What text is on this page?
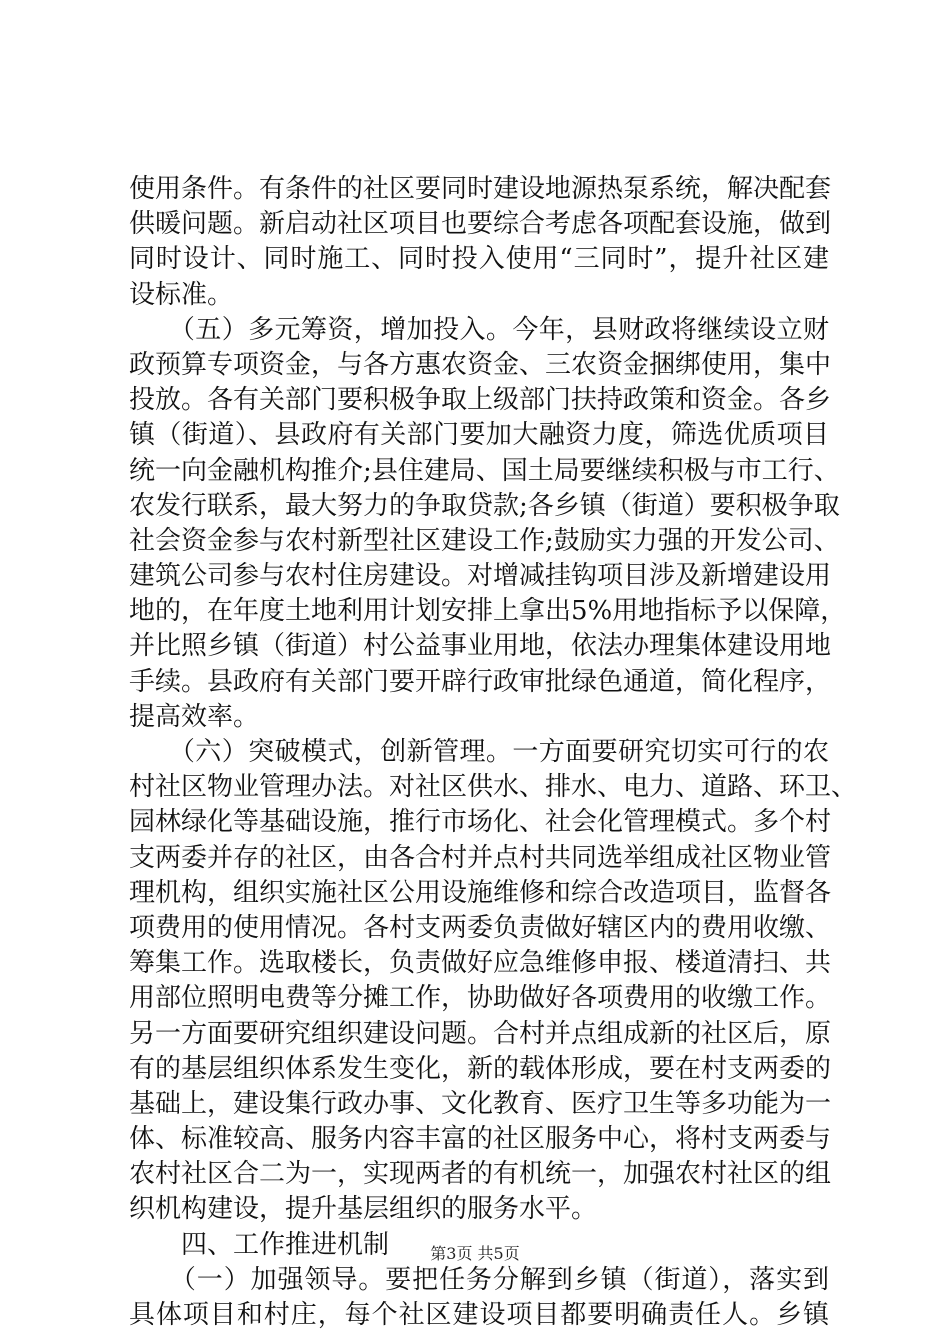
使用条件。有条件的社区要同时建设地源热泵系统，解决配套
供暖问题。新启动社区项目也要综合考虑各项配套设施，做到
同时设计、同时施工、同时投入使用“三同时”，提升社区建
设标准。
　　（五）多元筹资，增加投入。今年，县财政将继续设立财
政预算专项资金，与各方惠农资金、三农资金捆绑使用，集中
投放。各有关部门要积极争取上级部门扶持政策和资金。各乡
镇（街道）、县政府有关部门要加大融资力度，筛选优质项目
统一向金融机构推介;县住建局、国土局要继续积极与市工行、
农发行联系，最大努力的争取贷款;各乡镇（街道）要积极争取
社会资金参与农村新型社区建设工作;鼓励实力强的开发公司、
建筑公司参与农村住房建设。对增减挂钩项目涉及新增建设用
地的，在年度土地利用计划安排上拿出5%用地指标予以保障，
并比照乡镇（街道）村公益事业用地，依法办理集体建设用地
手续。县政府有关部门要开辟行政审批绿色通道，简化程序，
提高效率。
　　（六）突破模式，创新管理。一方面要研究切实可行的农
村社区物业管理办法。对社区供水、排水、电力、道路、环卫、
园林绿化等基础设施，推行市场化、社会化管理模式。多个村
支两委并存的社区，由各合村并点村共同选举组成社区物业管
理机构，组织实施社区公用设施维修和综合改造项目，监督各
项费用的使用情况。各村支两委负责做好辖区内的费用收缴、
筹集工作。选取楼长，负责做好应急维修申报、楼道清扫、共
用部位照明电费等分摊工作，协助做好各项费用的收缴工作。
另一方面要研究组织建设问题。合村并点组成新的社区后，原
有的基层组织体系发生变化，新的载体形成，要在村支两委的
基础上，建设集行政办事、文化教育、医疗卫生等多功能为一
体、标准较高、服务内容丰富的社区服务中心，将村支两委与
农村社区合二为一，实现两者的有机统一，加强农村社区的组
织机构建设，提升基层组织的服务水平。
　　四、工作推进机制
　　（一）加强领导。要把任务分解到乡镇（街道），落实到
具体项目和村庄，每个社区建设项目都要明确责任人。乡镇
第3页 共5页
